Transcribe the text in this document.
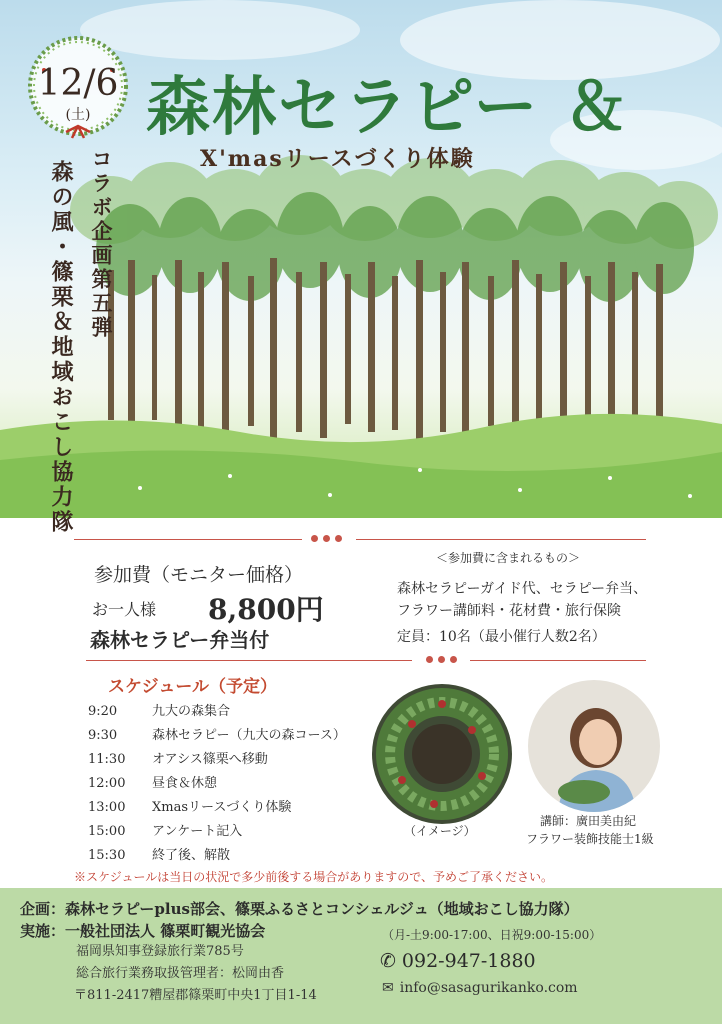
12/6
(土) 森林セラピー ＆
X'masリースづくり体験
コラボ企画第五弾
森の風・篠栗＆地域おこし協力隊
参加費（モニター価格）
お一人様 8,800円
森林セラピー弁当付
＜参加費に含まれるもの＞
森林セラピーガイド代、セラピー弁当、
フラワー講師料・花材費・旅行保険
定員：10名（最小催行人数2名）
スケジュール（予定）
9:20	九大の森集合
9:30	森林セラピー（九大の森コース）
11:30	オアシス篠栗へ移動
12:00	昼食＆休憩
13:00	Xmasリースづくり体験
15:00	アンケート記入
15:30	終了後、解散
（イメージ）
講師：廣田美由紀
フラワー装飾技能士1級
※スケジュールは当日の状況で多少前後する場合がありますので、予めご了承ください。
企画：森林セラピーplus部会、篠栗ふるさとコンシェルジュ（地域おこし協力隊）
実施：一般社団法人 篠栗町観光協会
福岡県知事登録旅行業785号
総合旅行業務取扱管理者：松岡由香
〒811-2417糟屋郡篠栗町中央1丁目1-14
（月-土9:00-17:00、日祝9:00-15:00）
✆ 092-947-1880
✉ info@sasagurikanko.com
